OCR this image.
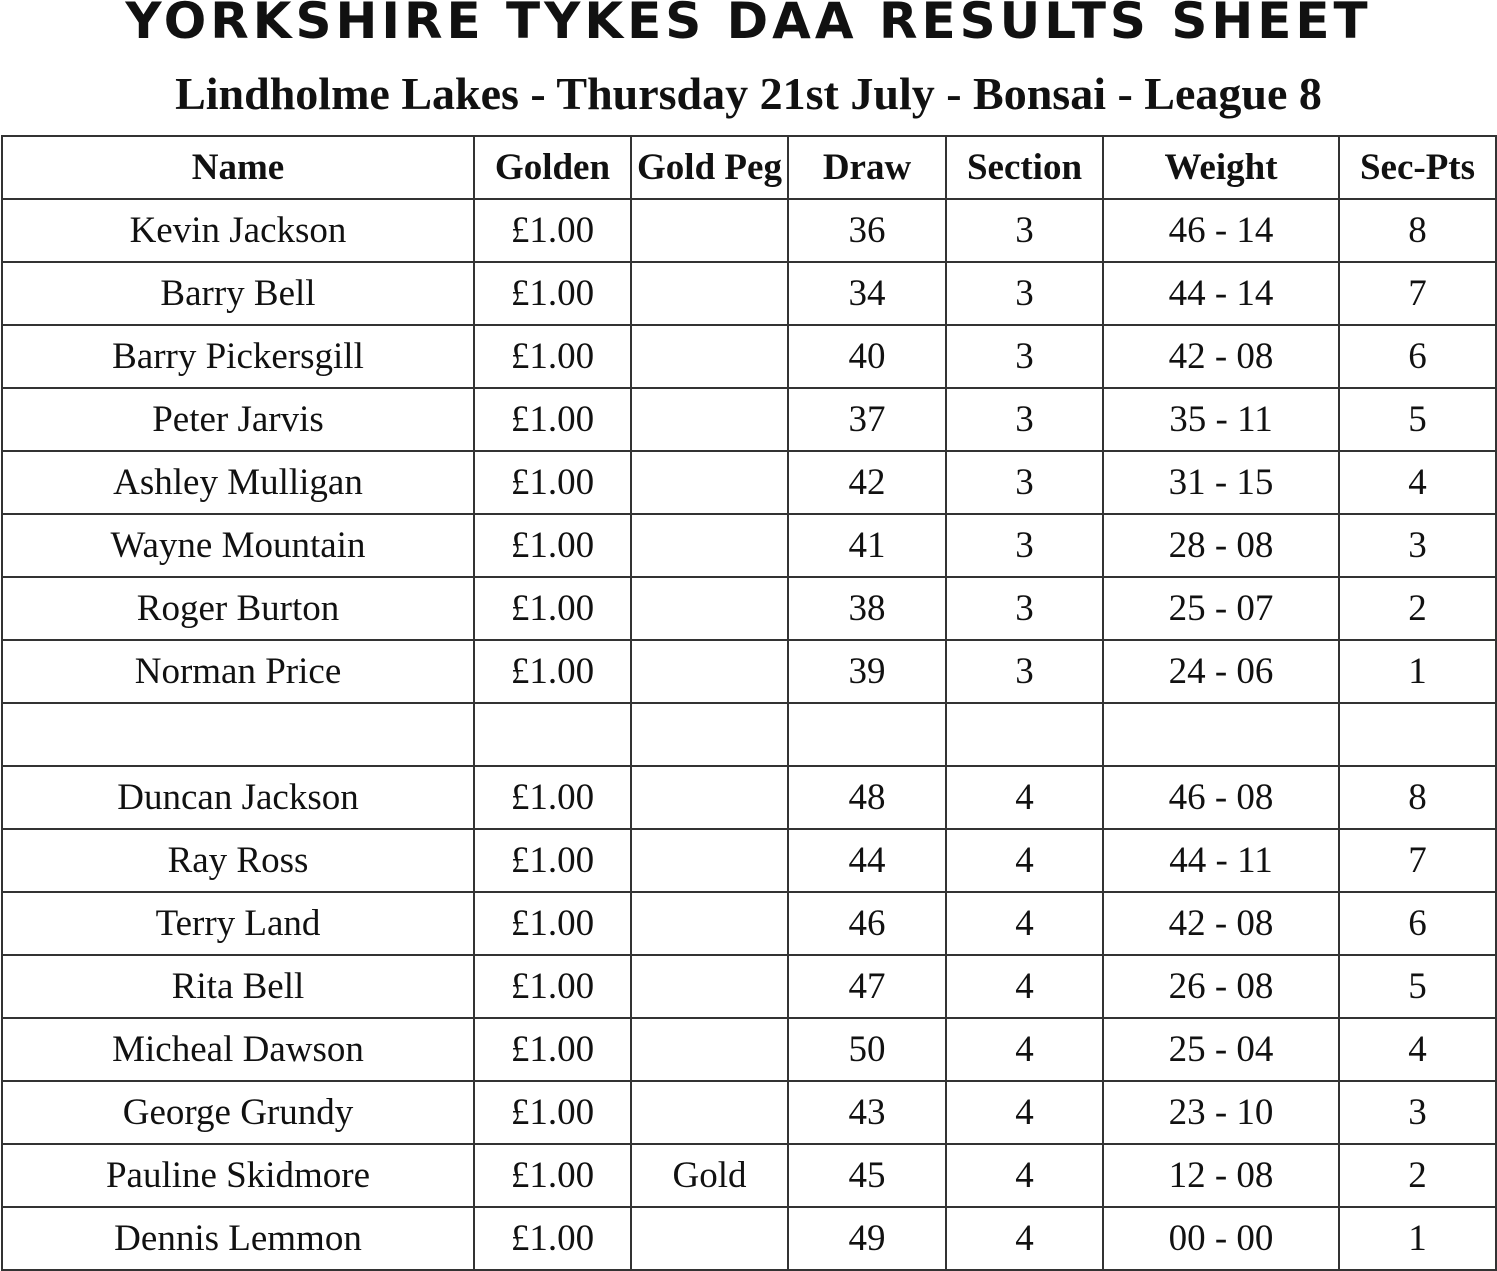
YORKSHIRE TYKES DAA RESULTS SHEET
Lindholme Lakes - Thursday 21st July - Bonsai - League 8
Name	Golden	Gold Peg	Draw	Section	Weight	Sec-Pts
Kevin Jackson	£1.00		36	3	46 - 14	8
Barry Bell	£1.00		34	3	44 - 14	7
Barry Pickersgill	£1.00		40	3	42 - 08	6
Peter Jarvis	£1.00		37	3	35 - 11	5
Ashley Mulligan	£1.00		42	3	31 - 15	4
Wayne Mountain	£1.00		41	3	28 - 08	3
Roger Burton	£1.00		38	3	25 - 07	2
Norman Price	£1.00		39	3	24 - 06	1

Duncan Jackson	£1.00		48	4	46 - 08	8
Ray Ross	£1.00		44	4	44 - 11	7
Terry Land	£1.00		46	4	42 - 08	6
Rita Bell	£1.00		47	4	26 - 08	5
Micheal Dawson	£1.00		50	4	25 - 04	4
George Grundy	£1.00		43	4	23 - 10	3
Pauline Skidmore	£1.00	Gold	45	4	12 - 08	2
Dennis Lemmon	£1.00		49	4	00 - 00	1
